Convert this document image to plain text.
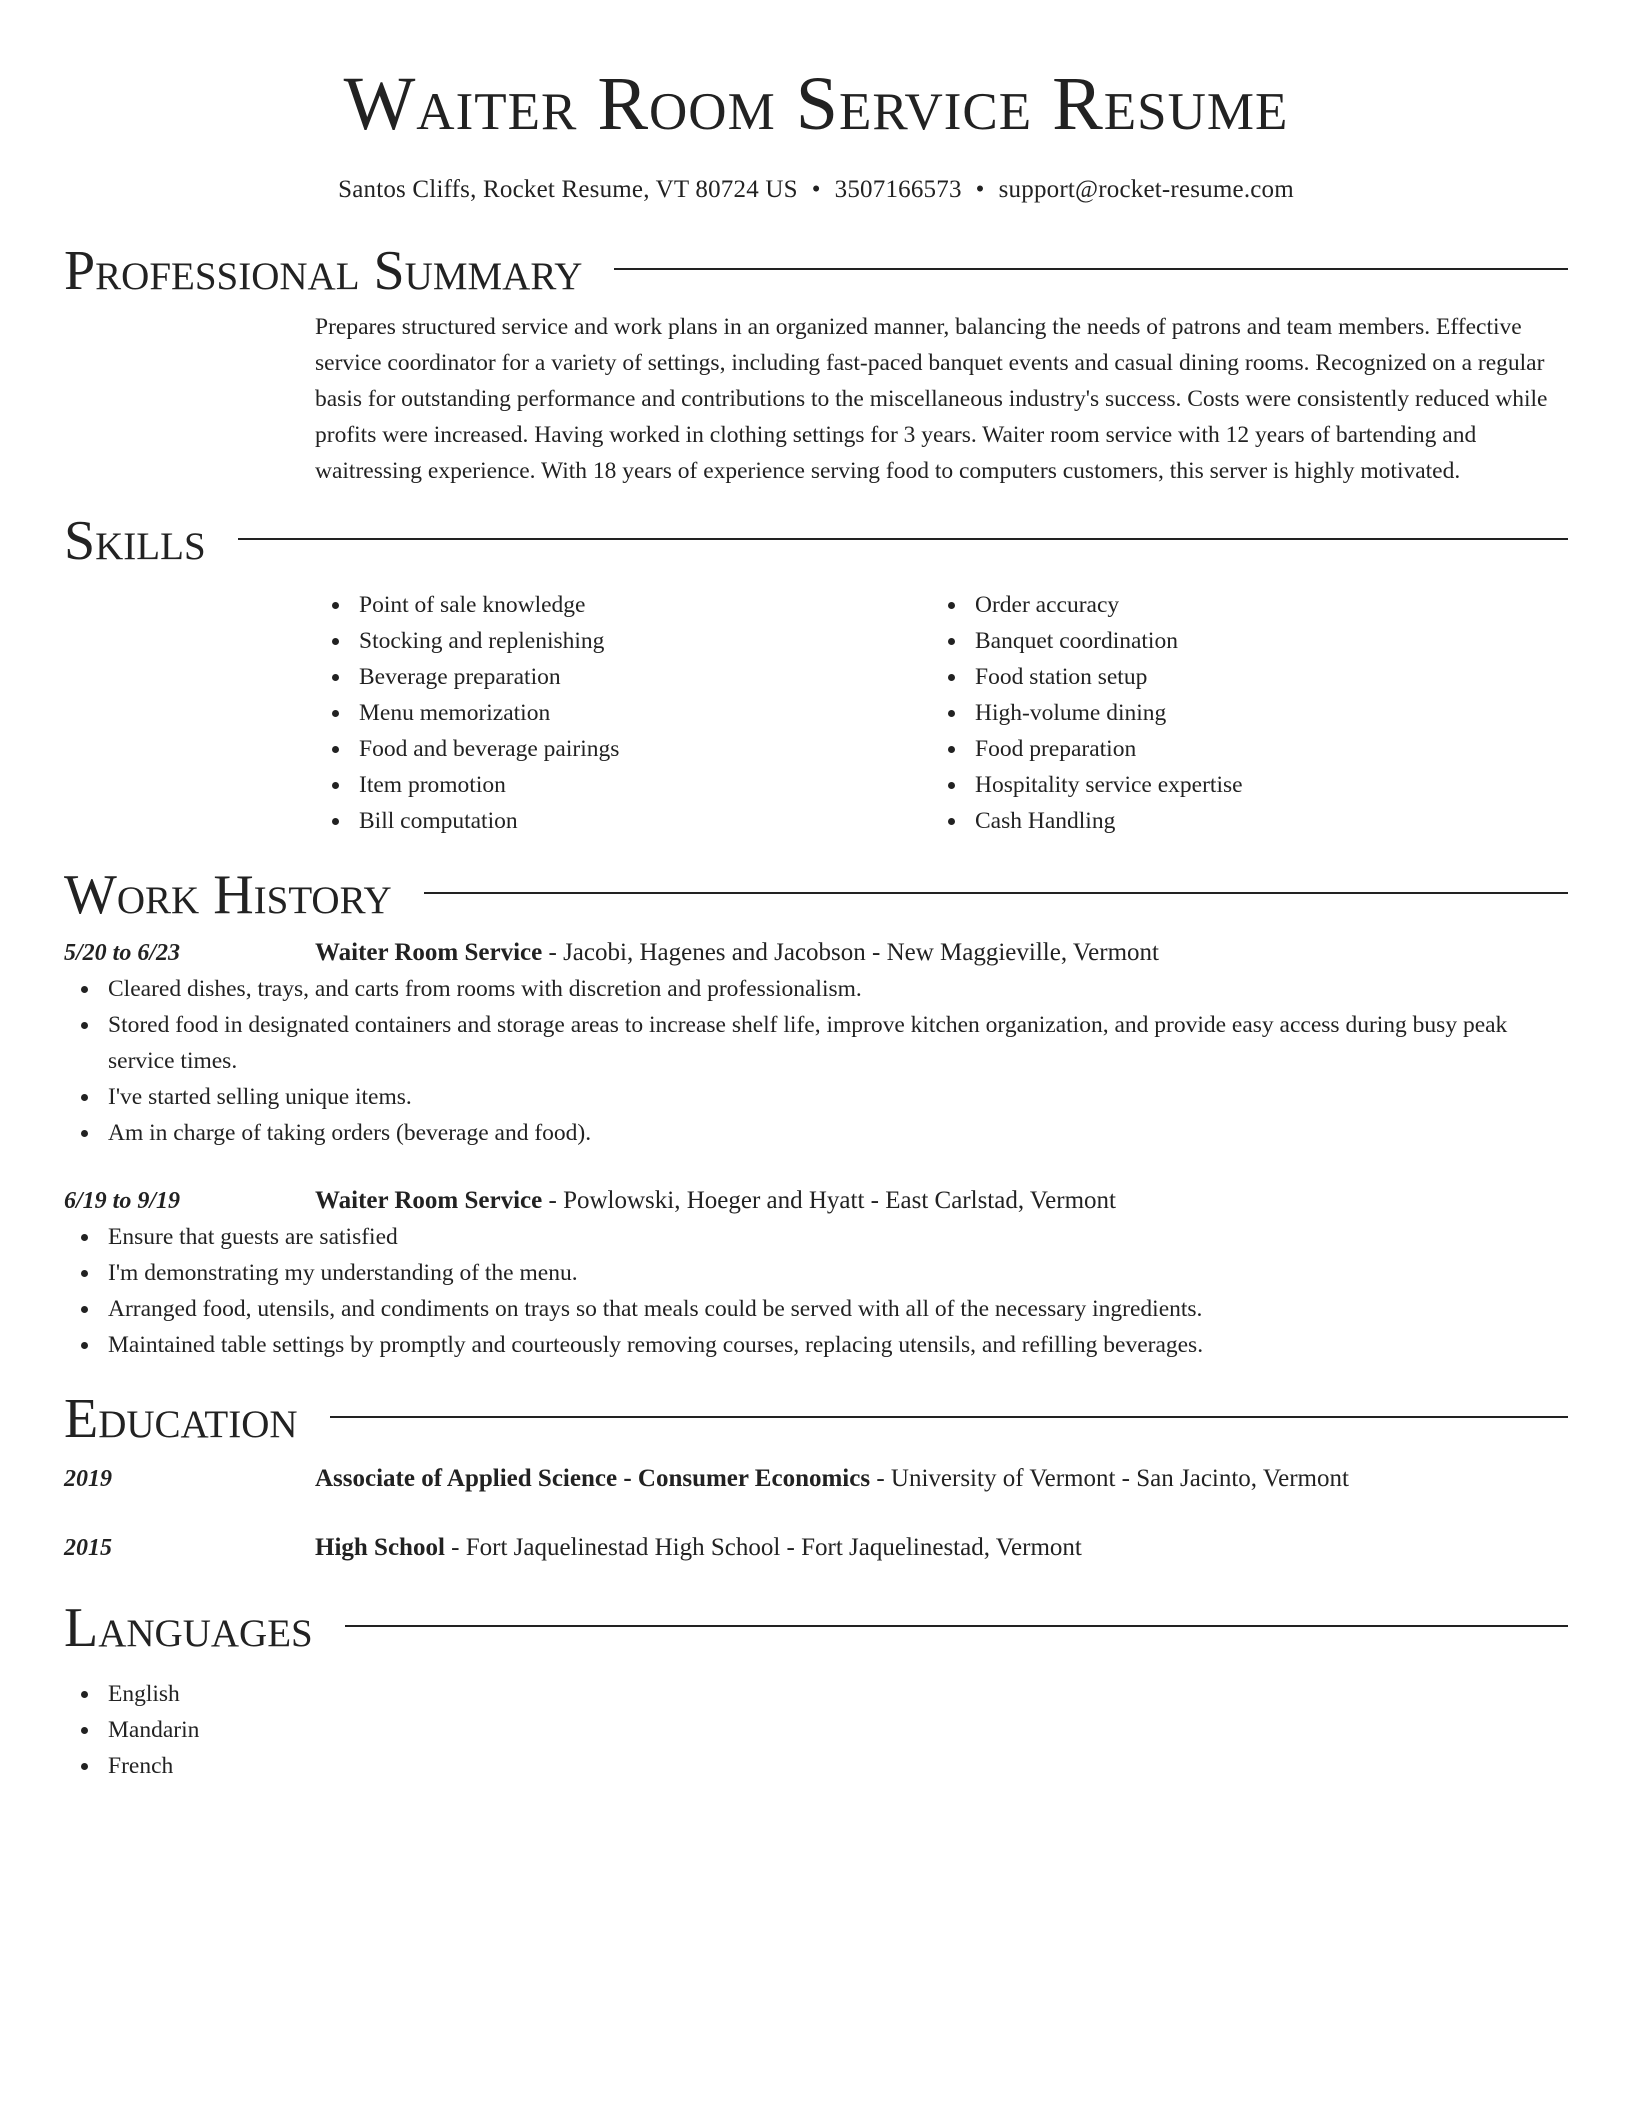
Waiter Room Service Resume
Santos Cliffs, Rocket Resume, VT 80724 US • 3507166573 • support@rocket-resume.com
Professional Summary
Prepares structured service and work plans in an organized manner, balancing the needs of patrons and team members. Effective service coordinator for a variety of settings, including fast-paced banquet events and casual dining rooms. Recognized on a regular basis for outstanding performance and contributions to the miscellaneous industry's success. Costs were consistently reduced while profits were increased. Having worked in clothing settings for 3 years. Waiter room service with 12 years of bartending and waitressing experience. With 18 years of experience serving food to computers customers, this server is highly motivated.
Skills
Point of sale knowledge
Stocking and replenishing
Beverage preparation
Menu memorization
Food and beverage pairings
Item promotion
Bill computation
Order accuracy
Banquet coordination
Food station setup
High-volume dining
Food preparation
Hospitality service expertise
Cash Handling
Work History
5/20 to 6/23	Waiter Room Service - Jacobi, Hagenes and Jacobson - New Maggieville, Vermont
Cleared dishes, trays, and carts from rooms with discretion and professionalism.
Stored food in designated containers and storage areas to increase shelf life, improve kitchen organization, and provide easy access during busy peak service times.
I've started selling unique items.
Am in charge of taking orders (beverage and food).
6/19 to 9/19	Waiter Room Service - Powlowski, Hoeger and Hyatt - East Carlstad, Vermont
Ensure that guests are satisfied
I'm demonstrating my understanding of the menu.
Arranged food, utensils, and condiments on trays so that meals could be served with all of the necessary ingredients.
Maintained table settings by promptly and courteously removing courses, replacing utensils, and refilling beverages.
Education
2019	Associate of Applied Science - Consumer Economics - University of Vermont - San Jacinto, Vermont
2015	High School - Fort Jaquelinestad High School - Fort Jaquelinestad, Vermont
Languages
English
Mandarin
French
